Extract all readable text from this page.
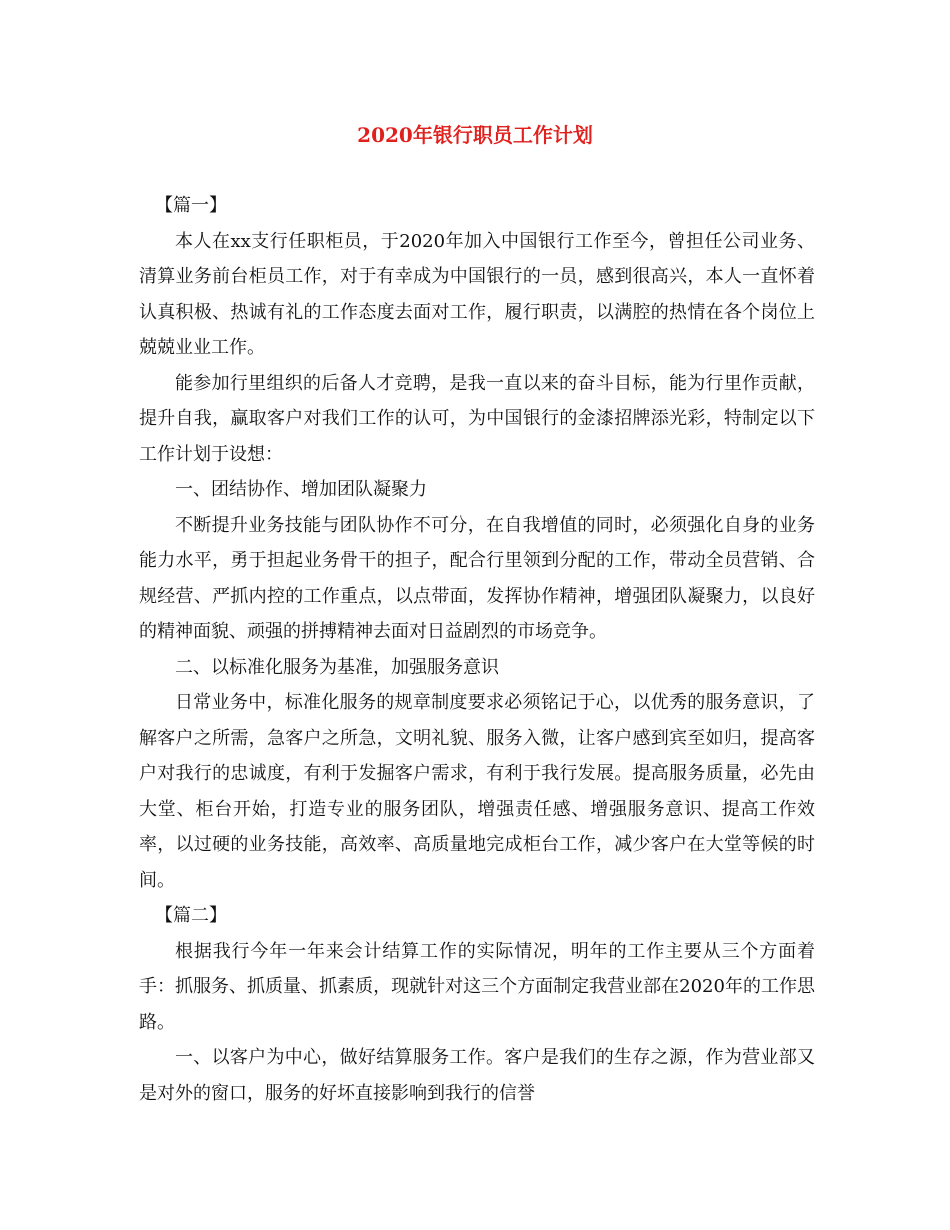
2020年银行职员工作计划

【篇一】

本人在xx支行任职柜员，于2020年加入中国银行工作至今，曾担任公司业务、清算业务前台柜员工作，对于有幸成为中国银行的一员，感到很高兴，本人一直怀着认真积极、热诚有礼的工作态度去面对工作，履行职责，以满腔的热情在各个岗位上兢兢业业工作。

能参加行里组织的后备人才竞聘，是我一直以来的奋斗目标，能为行里作贡献，提升自我，赢取客户对我们工作的认可，为中国银行的金漆招牌添光彩，特制定以下工作计划于设想：

一、团结协作、增加团队凝聚力

不断提升业务技能与团队协作不可分，在自我增值的同时，必须强化自身的业务能力水平，勇于担起业务骨干的担子，配合行里领到分配的工作，带动全员营销、合规经营、严抓内控的工作重点，以点带面，发挥协作精神，增强团队凝聚力，以良好的精神面貌、顽强的拼搏精神去面对日益剧烈的市场竞争。

二、以标准化服务为基准，加强服务意识

日常业务中，标准化服务的规章制度要求必须铭记于心，以优秀的服务意识，了解客户之所需，急客户之所急，文明礼貌、服务入微，让客户感到宾至如归，提高客户对我行的忠诚度，有利于发掘客户需求，有利于我行发展。提高服务质量，必先由大堂、柜台开始，打造专业的服务团队，增强责任感、增强服务意识、提高工作效率，以过硬的业务技能，高效率、高质量地完成柜台工作，减少客户在大堂等候的时间。

【篇二】

根据我行今年一年来会计结算工作的实际情况，明年的工作主要从三个方面着手：抓服务、抓质量、抓素质，现就针对这三个方面制定我营业部在2020年的工作思路。

一、以客户为中心，做好结算服务工作。客户是我们的生存之源，作为营业部又是对外的窗口，服务的好坏直接影响到我行的信誉
